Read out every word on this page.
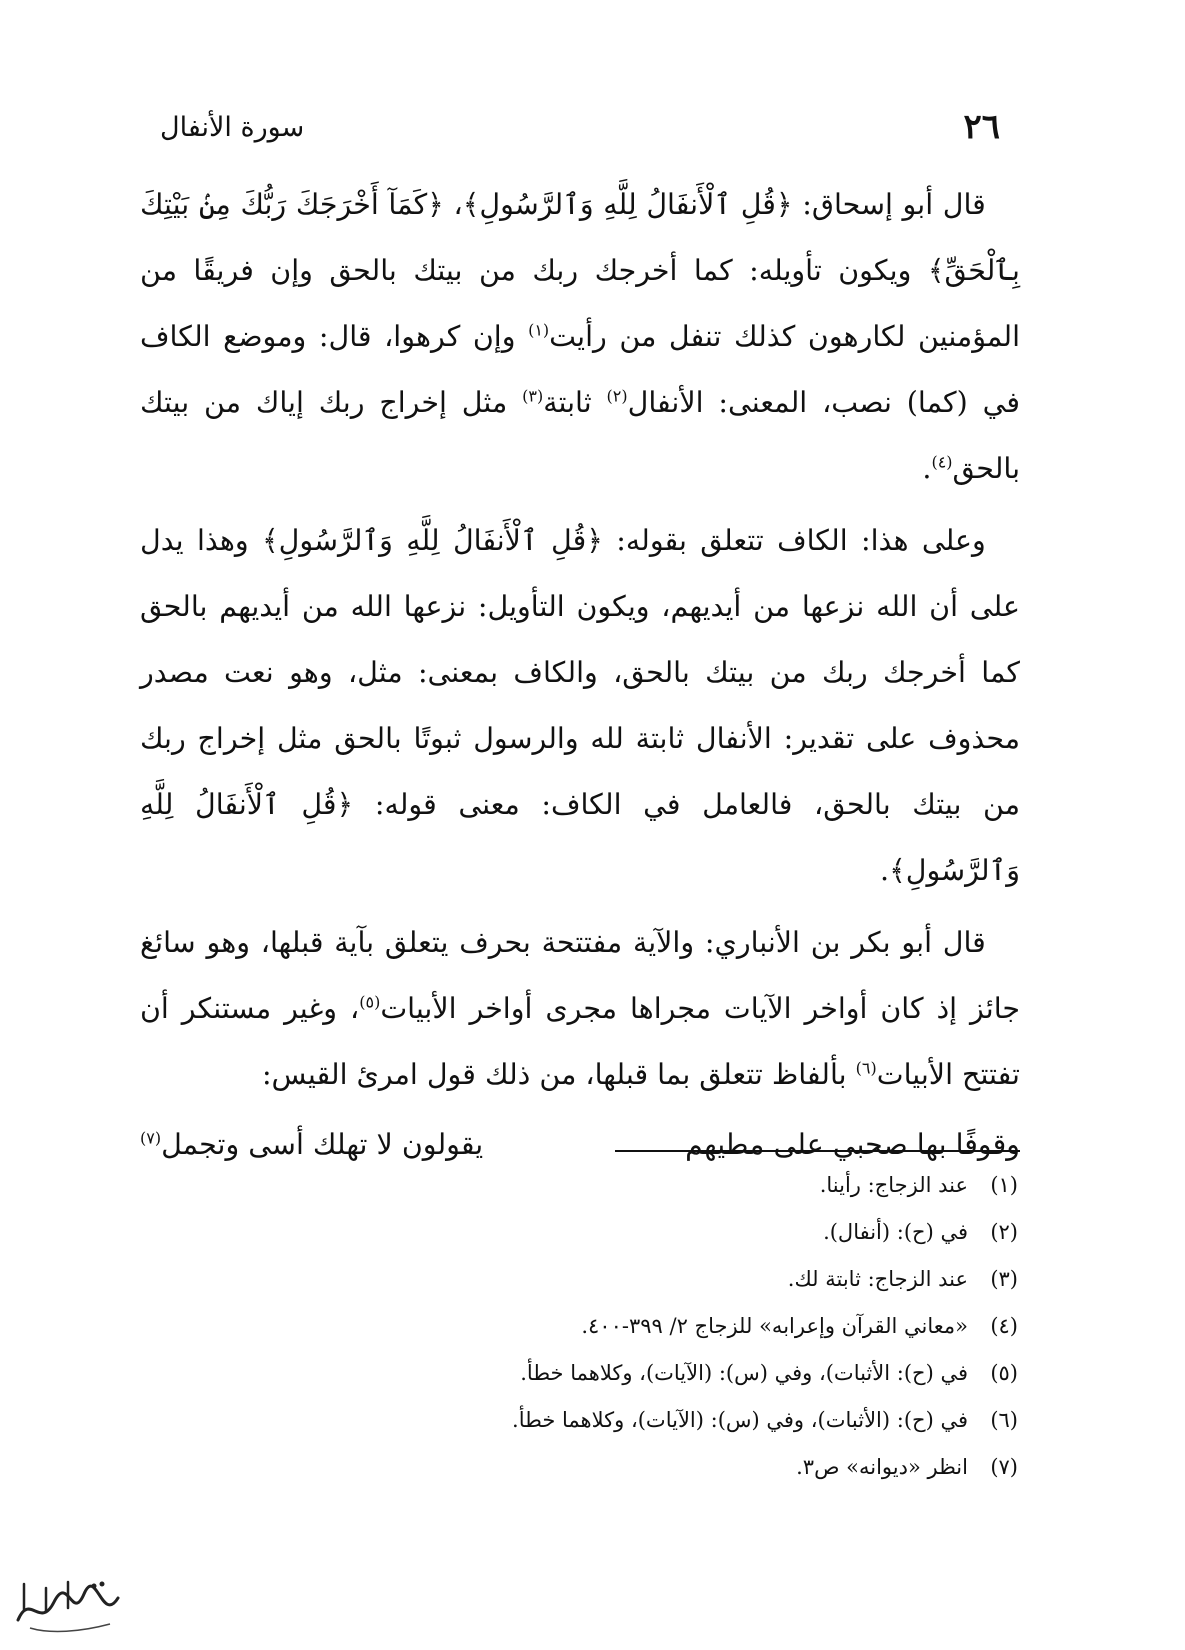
٢٦
سورة الأنفال

قال أبو إسحاق: ﴿قُلِ ٱلْأَنفَالُ لِلَّهِ وَٱلرَّسُولِ﴾، ﴿كَمَآ أَخْرَجَكَ رَبُّكَ مِنۢ بَيْتِكَ بِٱلْحَقِّ﴾ ويكون تأويله: كما أخرجك ربك من بيتك بالحق وإن فريقًا من المؤمنين لكارهون كذلك تنفل من رأيت$^{(١)}$ وإن كرهوا، قال: وموضع الكاف في (كما) نصب، المعنى: الأنفال$^{(٢)}$ ثابتة$^{(٣)}$ مثل إخراج ربك إياك من بيتك بالحق$^{(٤)}$.

وعلى هذا: الكاف تتعلق بقوله: ﴿قُلِ ٱلْأَنفَالُ لِلَّهِ وَٱلرَّسُولِ﴾ وهذا يدل على أن الله نزعها من أيديهم، ويكون التأويل: نزعها الله من أيديهم بالحق كما أخرجك ربك من بيتك بالحق، والكاف بمعنى: مثل، وهو نعت مصدر محذوف على تقدير: الأنفال ثابتة لله والرسول ثبوتًا بالحق مثل إخراج ربك من بيتك بالحق، فالعامل في الكاف: معنى قوله: ﴿قُلِ ٱلْأَنفَالُ لِلَّهِ وَٱلرَّسُولِ﴾.

قال أبو بكر بن الأنباري: والآية مفتتحة بحرف يتعلق بآية قبلها، وهو سائغ جائز إذ كان أواخر الآيات مجراها مجرى أواخر الأبيات$^{(٥)}$، وغير مستنكر أن تفتتح الأبيات$^{(٦)}$ بألفاظ تتعلق بما قبلها، من ذلك قول امرئ القيس:

وقوفًا بها صحبي على مطيهم
يقولون لا تهلك أسى وتجمل$^{(٧)}$
(١)
عند الزجاج: رأينا.
(٢)
في (ح): (أنفال).
(٣)
عند الزجاج: ثابتة لك.
(٤)
«معاني القرآن وإعرابه» للزجاج ٢/ ٣٩٩-٤٠٠.
(٥)
في (ح): الأثبات)، وفي (س): (الآيات)، وكلاهما خطأ.
(٦)
في (ح): (الأثبات)، وفي (س): (الآيات)، وكلاهما خطأ.
(٧)
انظر «ديوانه» ص٣.
